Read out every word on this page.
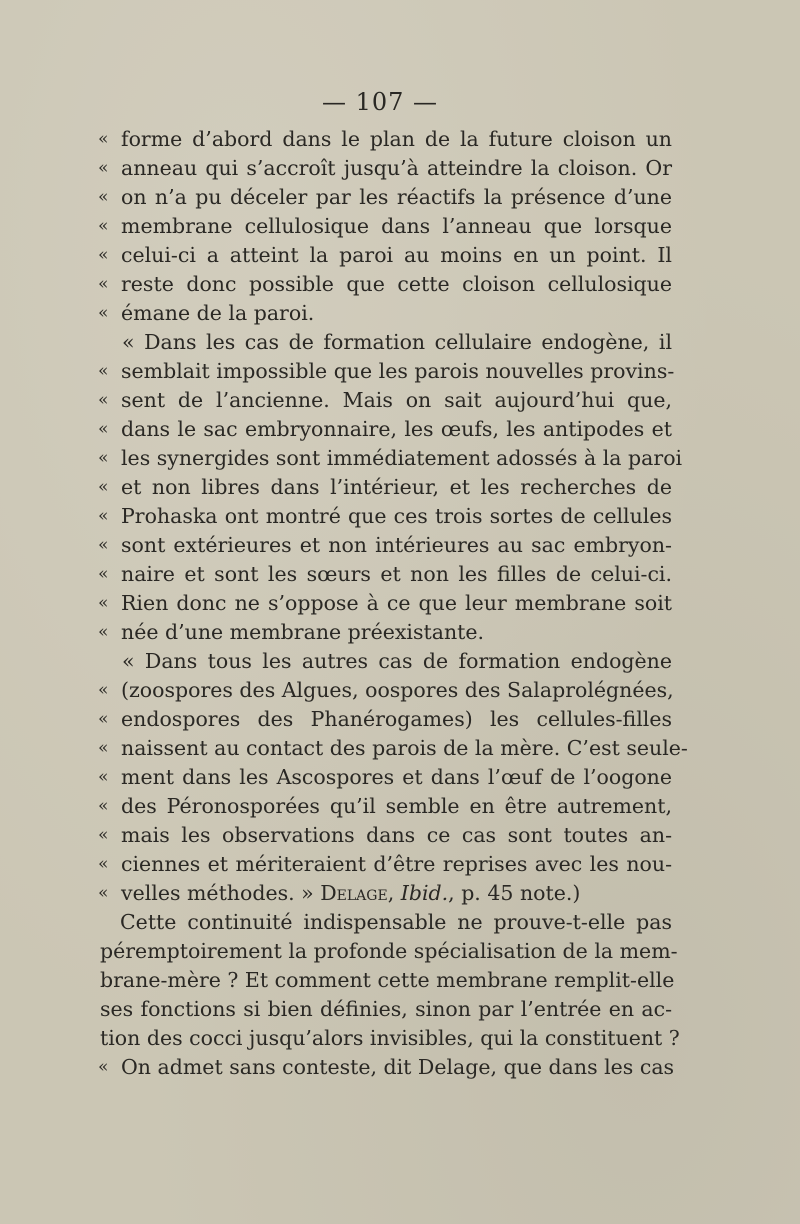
— 107 —
« forme d’abord dans le plan de la future cloison un
« anneau qui s’accroît jusqu’à atteindre la cloison. Or
« on n’a pu déceler par les réactifs la présence d’une
« membrane cellulosique dans l’anneau que lorsque
« celui-ci a atteint la paroi au moins en un point. Il
« reste donc possible que cette cloison cellulosique
« émane de la paroi.
« Dans les cas de formation cellulaire endogène, il
« semblait impossible que les parois nouvelles provins-
« sent de l’ancienne. Mais on sait aujourd’hui que,
« dans le sac embryonnaire, les œufs, les antipodes et
« les synergides sont immédiatement adossés à la paroi
« et non libres dans l’intérieur, et les recherches de
« Prohaska ont montré que ces trois sortes de cellules
« sont extérieures et non intérieures au sac embryon-
« naire et sont les sœurs et non les filles de celui-ci.
« Rien donc ne s’oppose à ce que leur membrane soit
« née d’une membrane préexistante.
« Dans tous les autres cas de formation endogène
« (zoospores des Algues, oospores des Salaprolégnées,
« endospores des Phanérogames) les cellules-filles
« naissent au contact des parois de la mère. C’est seule-
« ment dans les Ascospores et dans l’œuf de l’oogone
« des Péronosporées qu’il semble en être autrement,
« mais les observations dans ce cas sont toutes an-
« ciennes et mériteraient d’être reprises avec les nou-
« velles méthodes. » Delage, Ibid., p. 45 note.)
Cette continuité indispensable ne prouve-t-elle pas
péremptoirement la profonde spécialisation de la mem-
brane-mère ? Et comment cette membrane remplit-elle
ses fonctions si bien définies, sinon par l’entrée en ac-
tion des cocci jusqu’alors invisibles, qui la constituent ?
« On admet sans conteste, dit Delage, que dans les cas
